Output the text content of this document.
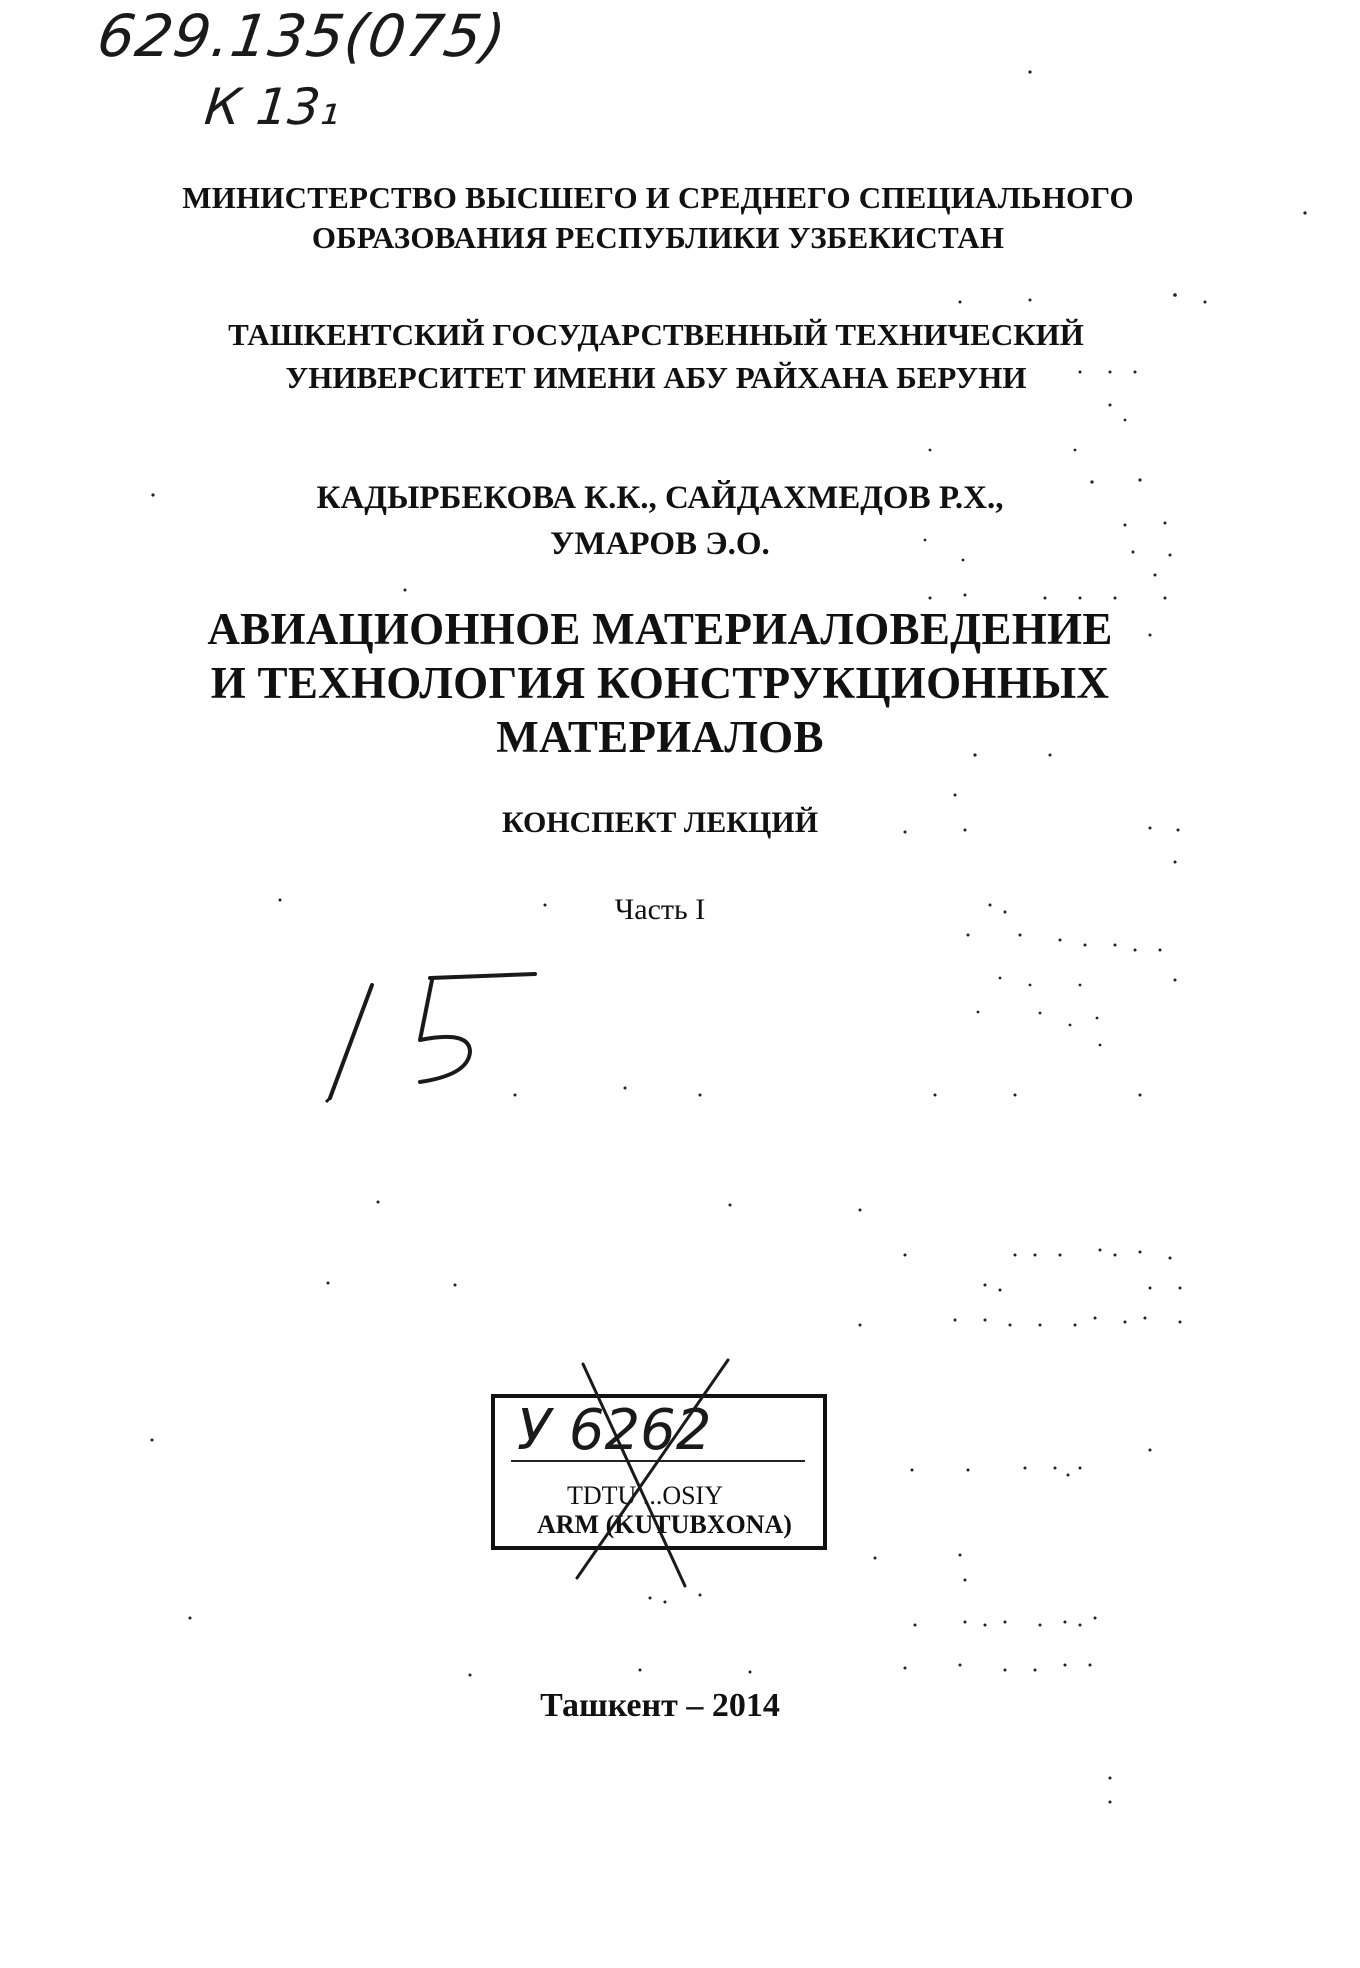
629.135(075)
К 13₁
МИНИСТЕРСТВО ВЫСШЕГО И СРЕДНЕГО СПЕЦИАЛЬНОГО
ОБРАЗОВАНИЯ РЕСПУБЛИКИ УЗБЕКИСТАН
ТАШКЕНТСКИЙ ГОСУДАРСТВЕННЫЙ ТЕХНИЧЕСКИЙ
УНИВЕРСИТЕТ ИМЕНИ АБУ РАЙХАНА БЕРУНИ
КАДЫРБЕКОВА К.К., САЙДАХМЕДОВ Р.Х.,
УМАРОВ Э.О.
АВИАЦИОННОЕ МАТЕРИАЛОВЕДЕНИЕ
И ТЕХНОЛОГИЯ КОНСТРУКЦИОННЫХ
МАТЕРИАЛОВ
КОНСПЕКТ ЛЕКЦИЙ
Часть I
У 6262
TDTU ...OSIY
ARM (KUTUBXONA)
Ташкент – 2014
